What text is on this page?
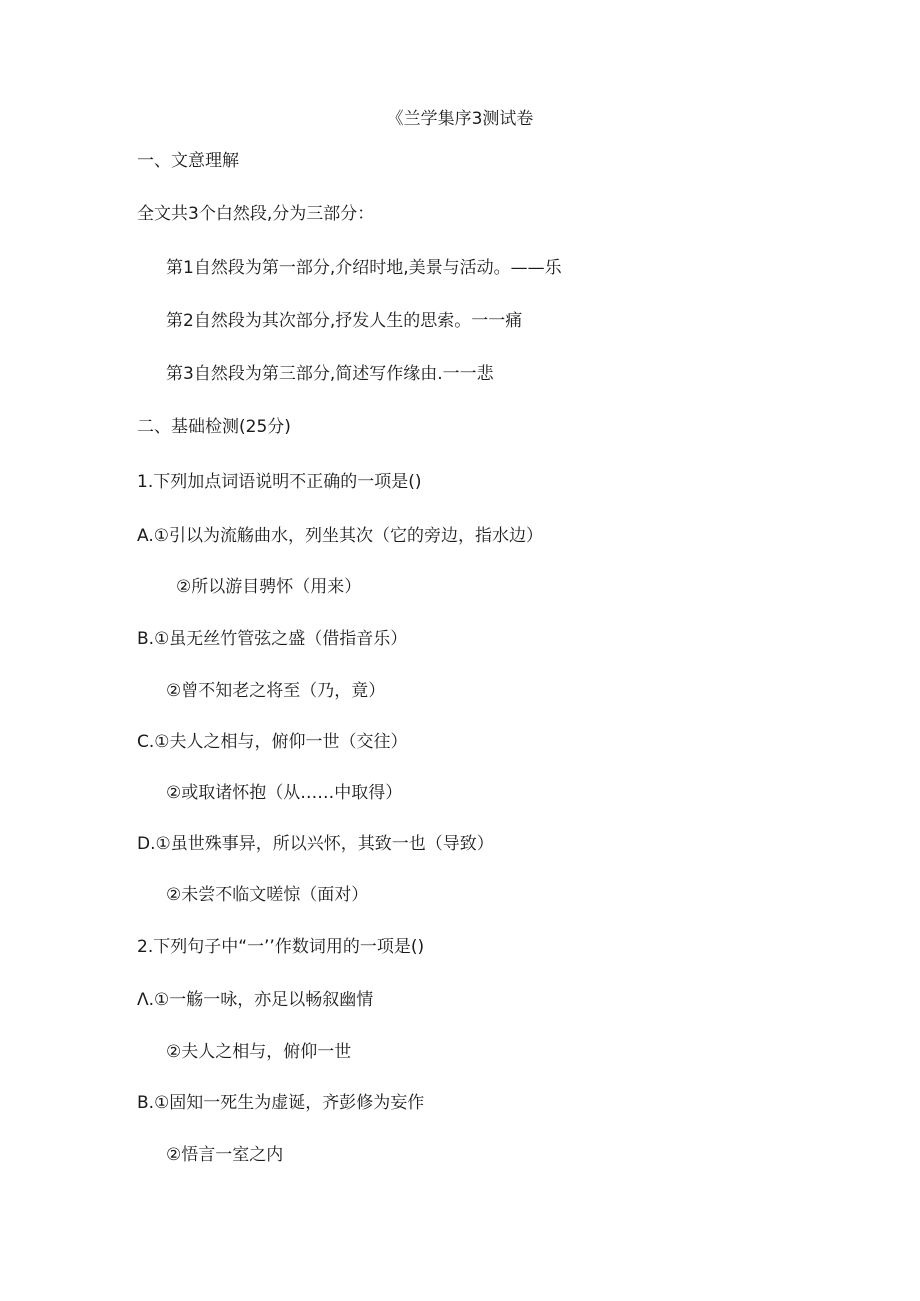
《兰学集序3测试卷
一、文意理解
全文共3个白然段,分为三部分：
第1自然段为第一部分,介绍时地,美景与活动。——乐
第2自然段为其次部分,抒发人生的思索。一一痛
第3自然段为第三部分,简述写作缘由.一一悲
二、基础检测(25分)
1.下列加点词语说明不正确的一项是()
A.①引以为流觞曲水，列坐其次（它的旁边，指水边）
②所以游目骋怀（用来）
B.①虽无丝竹管弦之盛（借指音乐）
②曾不知老之将至（乃，竟）
C.①夫人之相与，俯仰一世（交往）
②或取诸怀抱（从……中取得）
D.①虽世殊事异，所以兴怀，其致一也（导致）
②未尝不临文嗟惊（面对）
2.下列句子中“一’’作数词用的一项是()
Λ.①一觞一咏，亦足以畅叙幽情
②夫人之相与，俯仰一世
B.①固知一死生为虚诞，齐彭修为妄作
②悟言一室之内
